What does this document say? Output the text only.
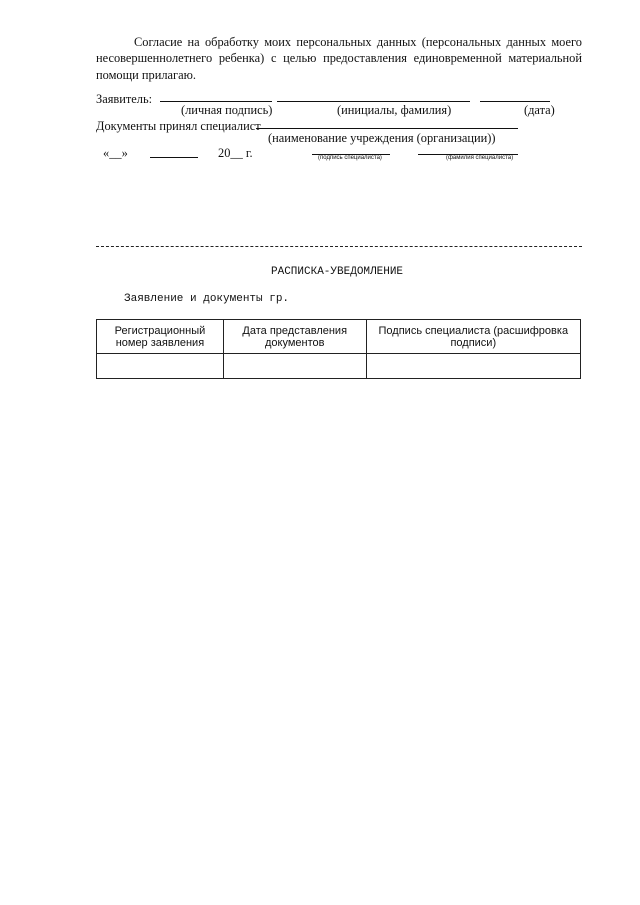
Согласие на обработку моих персональных данных (персональных данных моего несовершеннолетнего ребенка) с целью предоставления единовременной материальной помощи прилагаю.
Заявитель:
(личная подпись)	(инициалы, фамилия)	(дата)
Документы принял специалист
(наименование учреждения (организации))
«__»	20__ г.	(подпись специалиста)	(фамилия специалиста)
РАСПИСКА-УВЕДОМЛЕНИЕ
Заявление и документы гр.
Регистрационный номер заявления	Дата представления документов	Подпись специалиста (расшифровка подписи)
